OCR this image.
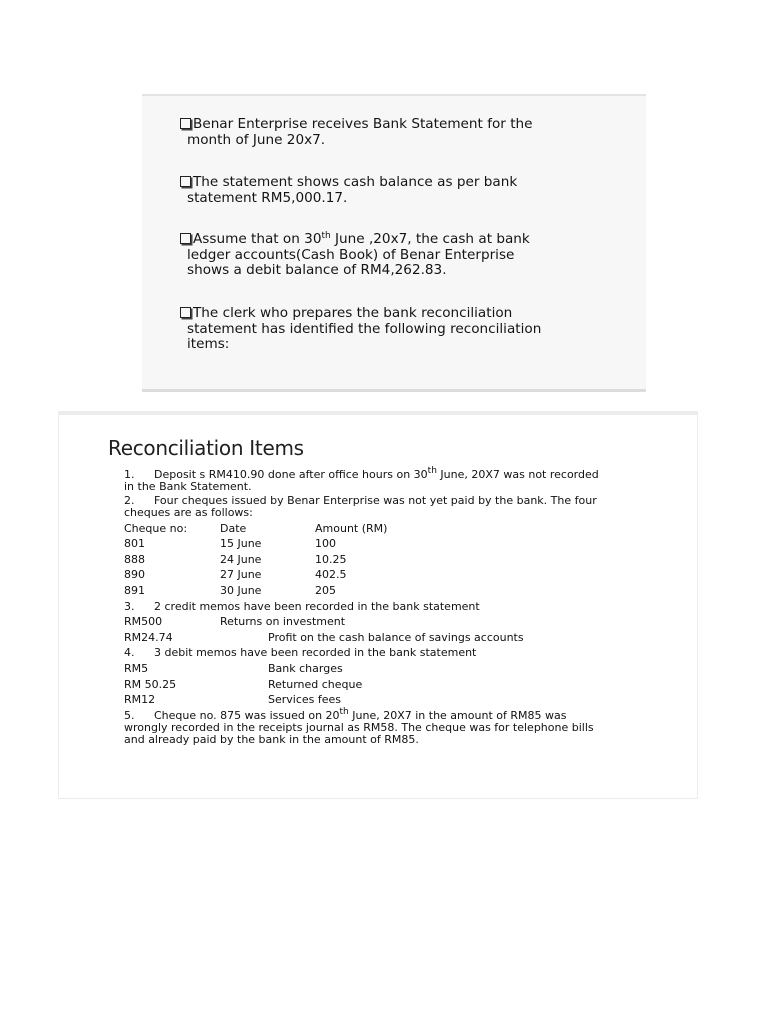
Benar Enterprise receives Bank Statement for the
month of June 20x7.
The statement shows cash balance as per bank
statement RM5,000.17.
Assume that on 30th June ,20x7, the cash at bank
ledger accounts(Cash Book) of Benar Enterprise
shows a debit balance of RM4,262.83.
The clerk who prepares the bank reconciliation
statement has identified the following reconciliation
items:
Reconciliation Items
1. Deposit s RM410.90 done after office hours on 30th June, 20X7 was not recorded
in the Bank Statement.
2. Four cheques issued by Benar Enterprise was not yet paid by the bank. The four
cheques are as follows:
Cheque no:	Date	Amount (RM)
801	15 June	100
888	24 June	10.25
890	27 June	402.5
891	30 June	205
3. 2 credit memos have been recorded in the bank statement
RM500	Returns on investment
RM24.74	Profit on the cash balance of savings accounts
4. 3 debit memos have been recorded in the bank statement
RM5	Bank charges
RM 50.25	Returned cheque
RM12	Services fees
5. Cheque no. 875 was issued on 20th June, 20X7 in the amount of RM85 was
wrongly recorded in the receipts journal as RM58. The cheque was for telephone bills
and already paid by the bank in the amount of RM85.
